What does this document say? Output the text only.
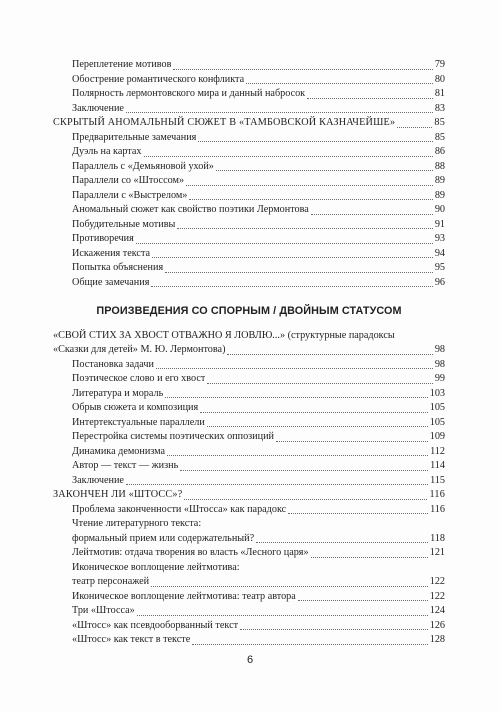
Переплетение мотивов	79
Обострение романтического конфликта	80
Полярность лермонтовского мира и данный набросок	81
Заключение	83
СКРЫТЫЙ АНОМАЛЬНЫЙ СЮЖЕТ В «ТАМБОВСКОЙ КАЗНАЧЕЙШЕ»	85
Предварительные замечания	85
Дуэль на картах	86
Параллель с «Демьяновой ухой»	88
Параллели со «Штоссом»	89
Параллели с «Выстрелом»	89
Аномальный сюжет как свойство поэтики Лермонтова	90
Побудительные мотивы	91
Противоречия	93
Искажения текста	94
Попытка объяснения	95
Общие замечания	96
ПРОИЗВЕДЕНИЯ СО СПОРНЫМ / ДВОЙНЫМ СТАТУСОМ
«СВОЙ СТИХ ЗА ХВОСТ ОТВАЖНО Я ЛОВЛЮ...» (структурные парадоксы
«Сказки для детей» М. Ю. Лермонтова)	98
Постановка задачи	98
Поэтическое слово и его хвост	99
Литература и мораль	103
Обрыв сюжета и композиция	105
Интертекстуальные параллели	105
Перестройка системы поэтических оппозиций	109
Динамика демонизма	112
Автор — текст — жизнь	114
Заключение	115
ЗАКОНЧЕН ЛИ «ШТОСС»?	116
Проблема законченности «Штосса» как парадокс	116
Чтение литературного текста:
формальный прием или содержательный?	118
Лейтмотив: отдача творения во власть «Лесного царя»	121
Иконическое воплощение лейтмотива:
театр персонажей	122
Иконическое воплощение лейтмотива: театр автора	122
Три «Штосса»	124
«Штосс» как псевдооборванный текст	126
«Штосс» как текст в тексте	128
6
